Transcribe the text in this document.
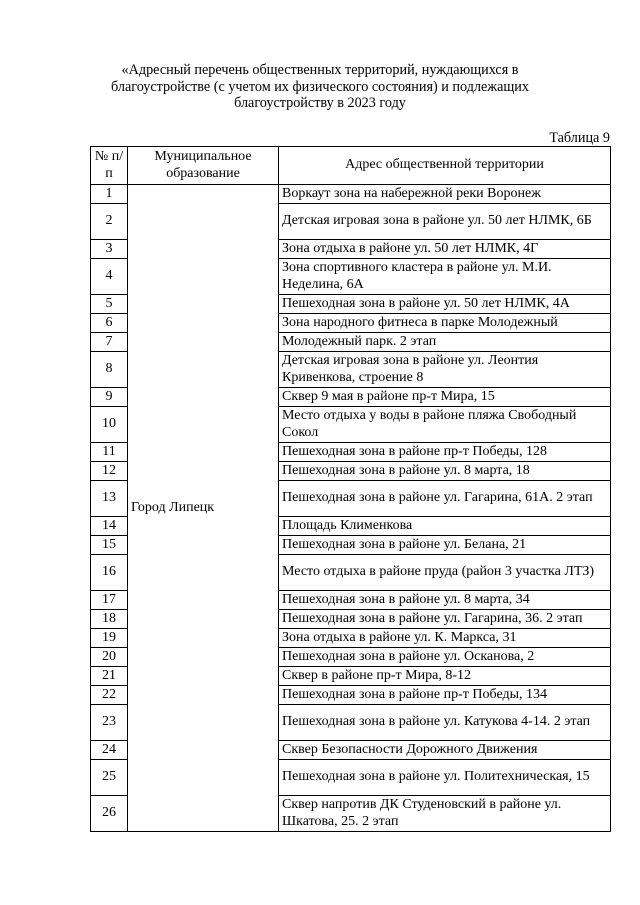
«Адресный перечень общественных территорий, нуждающихся в благоустройстве (с учетом их физического состояния) и подлежащих благоустройству в 2023 году
Таблица 9
№ п/п	Муниципальное образование	Адрес общественной территории
1	Город Липецк	Воркаут зона на набережной реки Воронеж
2		Детская игровая зона в районе ул. 50 лет НЛМК, 6Б
3		Зона отдыха в районе ул. 50 лет НЛМК, 4Г
4		Зона спортивного кластера в районе ул. М.И. Неделина, 6А
5		Пешеходная зона в районе ул. 50 лет НЛМК, 4А
6		Зона народного фитнеса в парке Молодежный
7		Молодежный парк. 2 этап
8		Детская игровая зона в районе ул. Леонтия Кривенкова, строение 8
9		Сквер 9 мая в районе пр-т Мира, 15
10		Место отдыха у воды в районе пляжа Свободный Сокол
11		Пешеходная зона в районе пр-т Победы, 128
12		Пешеходная зона в районе ул. 8 марта, 18
13		Пешеходная зона в районе ул. Гагарина, 61А. 2 этап
14		Площадь Клименкова
15		Пешеходная зона в районе ул. Белана, 21
16		Место отдыха в районе пруда (район 3 участка ЛТЗ)
17		Пешеходная зона в районе ул. 8 марта, 34
18		Пешеходная зона в районе ул. Гагарина, 36. 2 этап
19		Зона отдыха в районе ул. К. Маркса, 31
20		Пешеходная зона в районе ул. Осканова, 2
21		Сквер в районе пр-т Мира, 8-12
22		Пешеходная зона в районе пр-т Победы, 134
23		Пешеходная зона в районе ул. Катукова 4-14. 2 этап
24		Сквер Безопасности Дорожного Движения
25		Пешеходная зона в районе ул. Политехническая, 15
26		Сквер напротив ДК Студеновский в районе ул. Шкатова, 25. 2 этап
